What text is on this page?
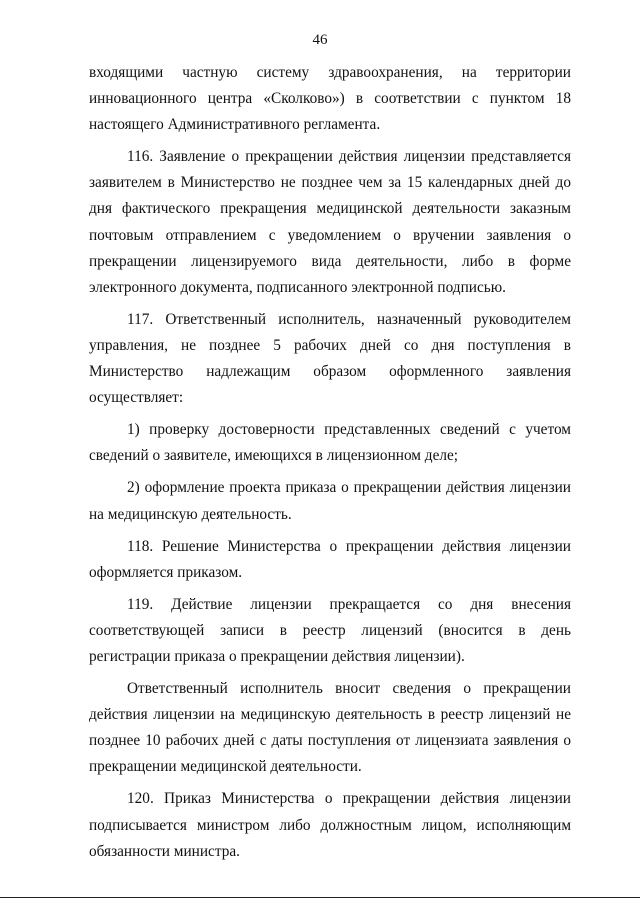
46

входящими частную систему здравоохранения, на территории инновационного центра «Сколково») в соответствии с пунктом 18 настоящего Административного регламента.

116. Заявление о прекращении действия лицензии представляется заявителем в Министерство не позднее чем за 15 календарных дней до дня фактического прекращения медицинской деятельности заказным почтовым отправлением с уведомлением о вручении заявления о прекращении лицензируемого вида деятельности, либо в форме электронного документа, подписанного электронной подписью.

117. Ответственный исполнитель, назначенный руководителем управления, не позднее 5 рабочих дней со дня поступления в Министерство надлежащим образом оформленного заявления осуществляет:

1) проверку достоверности представленных сведений с учетом сведений о заявителе, имеющихся в лицензионном деле;

2) оформление проекта приказа о прекращении действия лицензии на медицинскую деятельность.

118. Решение Министерства о прекращении действия лицензии оформляется приказом.

119. Действие лицензии прекращается со дня внесения соответствующей записи в реестр лицензий (вносится в день регистрации приказа о прекращении действия лицензии).

Ответственный исполнитель вносит сведения о прекращении действия лицензии на медицинскую деятельность в реестр лицензий не позднее 10 рабочих дней с даты поступления от лицензиата заявления о прекращении медицинской деятельности.

120. Приказ Министерства о прекращении действия лицензии подписывается министром либо должностным лицом, исполняющим обязанности министра.
